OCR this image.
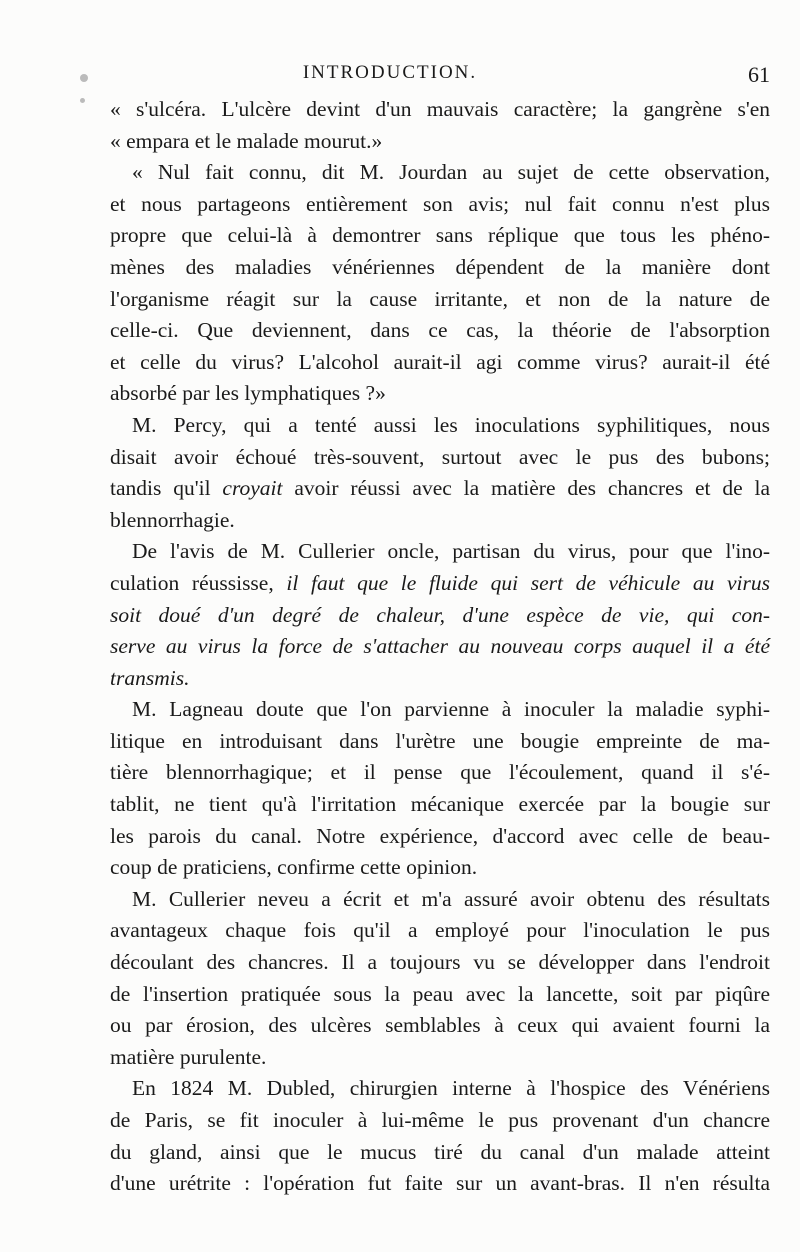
INTRODUCTION.	61
« s'ulcéra. L'ulcère devint d'un mauvais caractère; la gangrène s'en
« empara et le malade mourut.»
« Nul fait connu, dit M. Jourdan au sujet de cette observation,
et nous partageons entièrement son avis; nul fait connu n'est plus
propre que celui-là à demontrer sans réplique que tous les phéno-
mènes des maladies vénériennes dépendent de la manière dont
l'organisme réagit sur la cause irritante, et non de la nature de
celle-ci. Que deviennent, dans ce cas, la théorie de l'absorption
et celle du virus? L'alcohol aurait-il agi comme virus? aurait-il été
absorbé par les lymphatiques ?»
M. Percy, qui a tenté aussi les inoculations syphilitiques, nous
disait avoir échoué très-souvent, surtout avec le pus des bubons;
tandis qu'il croyait avoir réussi avec la matière des chancres et de la
blennorrhagie.
De l'avis de M. Cullerier oncle, partisan du virus, pour que l'ino-
culation réussisse, il faut que le fluide qui sert de véhicule au virus
soit doué d'un degré de chaleur, d'une espèce de vie, qui con-
serve au virus la force de s'attacher au nouveau corps auquel il a été
transmis.
M. Lagneau doute que l'on parvienne à inoculer la maladie syphi-
litique en introduisant dans l'urètre une bougie empreinte de ma-
tière blennorrhagique; et il pense que l'écoulement, quand il s'é-
tablit, ne tient qu'à l'irritation mécanique exercée par la bougie sur
les parois du canal. Notre expérience, d'accord avec celle de beau-
coup de praticiens, confirme cette opinion.
M. Cullerier neveu a écrit et m'a assuré avoir obtenu des résultats
avantageux chaque fois qu'il a employé pour l'inoculation le pus
découlant des chancres. Il a toujours vu se développer dans l'endroit
de l'insertion pratiquée sous la peau avec la lancette, soit par piqûre
ou par érosion, des ulcères semblables à ceux qui avaient fourni la
matière purulente.
En 1824 M. Dubled, chirurgien interne à l'hospice des Vénériens
de Paris, se fit inoculer à lui-même le pus provenant d'un chancre
du gland, ainsi que le mucus tiré du canal d'un malade atteint
d'une urétrite : l'opération fut faite sur un avant-bras. Il n'en résulta
